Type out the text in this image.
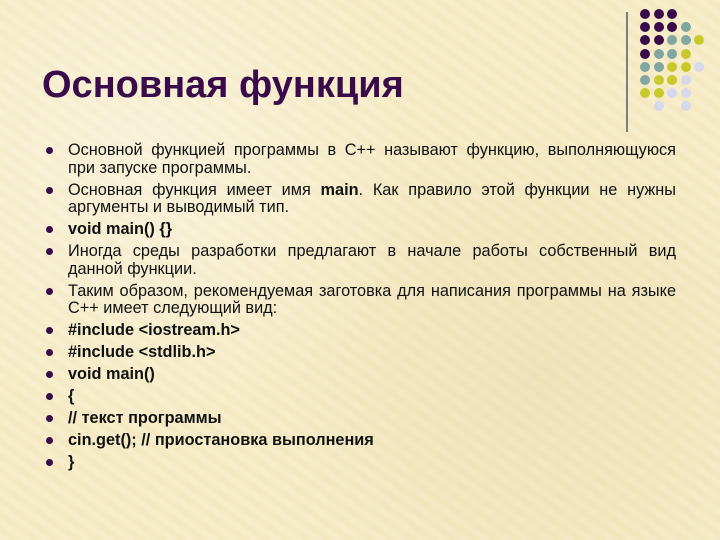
Основная функция
Основной функцией программы в С++ называют функцию, выполняющуюся при запуске программы.
Основная функция имеет имя main. Как правило этой функции не нужны аргументы и выводимый тип.
void main() {}
Иногда среды разработки предлагают в начале работы собственный вид данной функции.
Таким образом, рекомендуемая заготовка для написания программы на языке С++ имеет следующий вид:
#include <iostream.h>
#include <stdlib.h>
void main()
{
// текст программы
cin.get(); // приостановка выполнения
}
